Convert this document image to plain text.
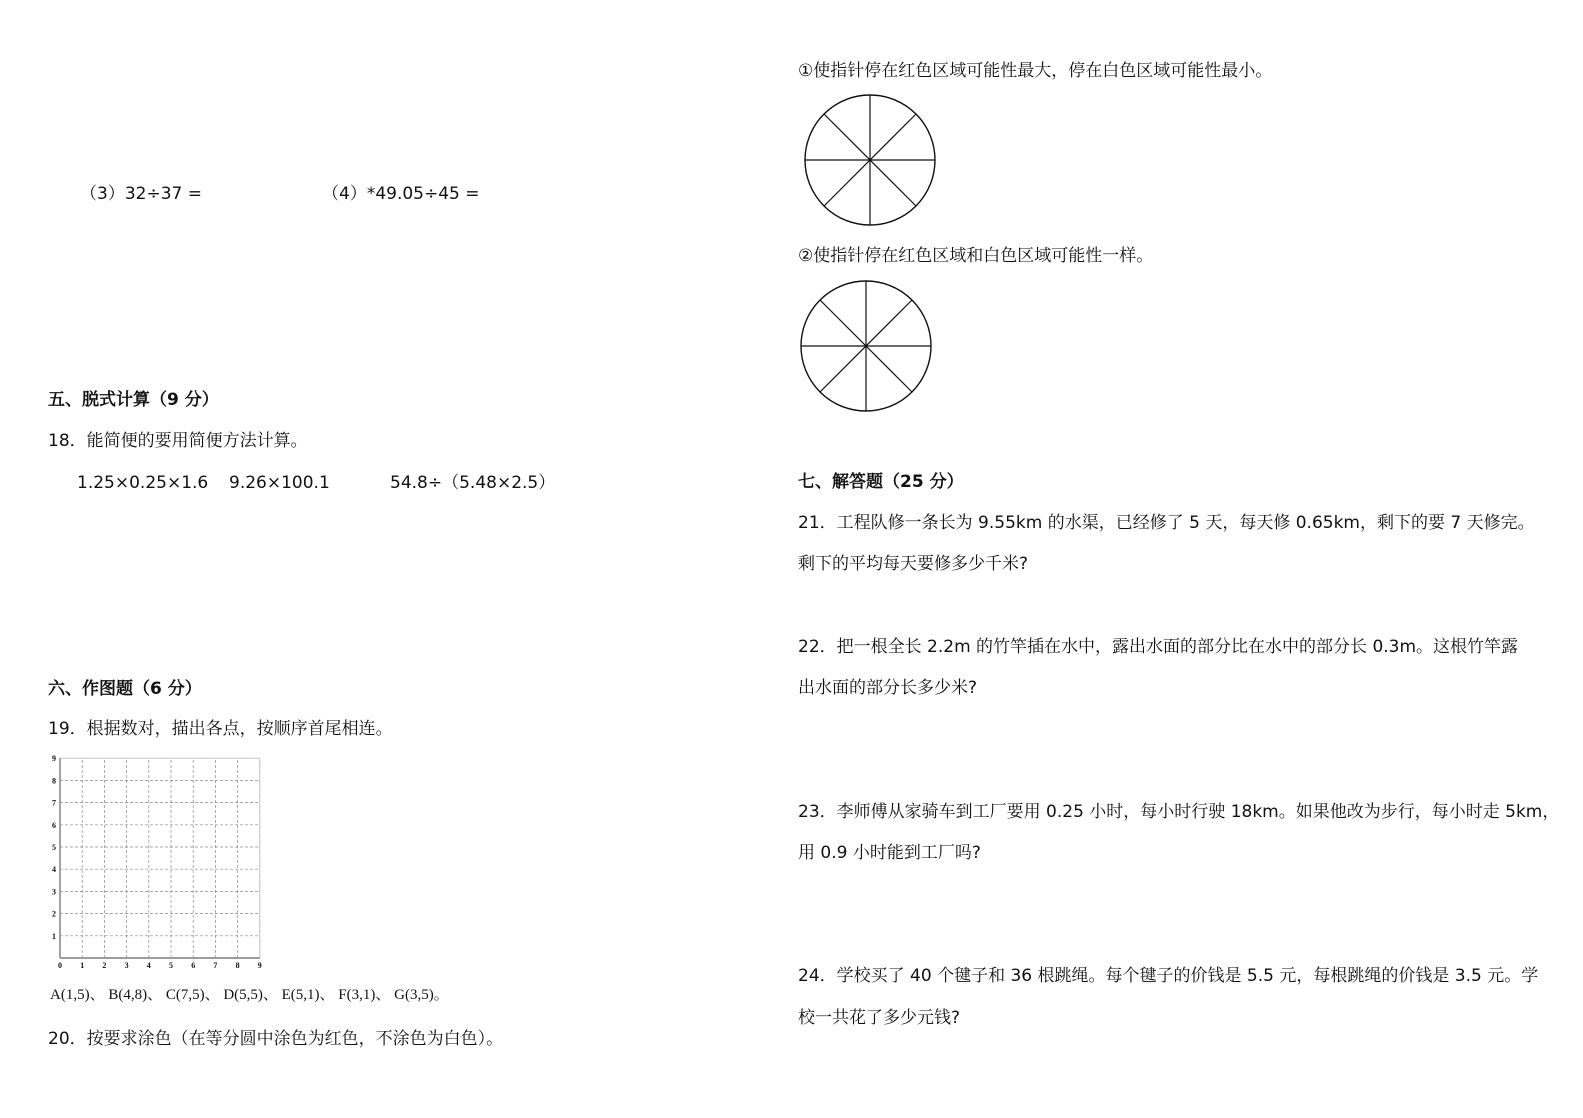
（3）32÷37 =	（4）*49.05÷45 =
五、脱式计算（9 分）
18．能简便的要用简便方法计算。
1.25×0.25×1.6 9.26×100.1	54.8÷（5.48×2.5）
六、作图题（6 分）
19．根据数对，描出各点，按顺序首尾相连。
0 1 2 3 4 5 6 7 8 9
1
2
3
4
5
6
7
8
9
A(1,5)、 B(4,8)、 C(7,5)、 D(5,5)、 E(5,1)、 F(3,1)、 G(3,5)。
20．按要求涂色（在等分圆中涂色为红色，不涂色为白色）。
①使指针停在红色区域可能性最大，停在白色区域可能性最小。
②使指针停在红色区域和白色区域可能性一样。
七、解答题（25 分）
21．工程队修一条长为 9.55km 的水渠，已经修了 5 天，每天修 0.65km，剩下的要 7 天修完。
剩下的平均每天要修多少千米?
22．把一根全长 2.2m 的竹竿插在水中，露出水面的部分比在水中的部分长 0.3m。这根竹竿露
出水面的部分长多少米?
23．李师傅从家骑车到工厂要用 0.25 小时，每小时行驶 18km。如果他改为步行，每小时走 5km，
用 0.9 小时能到工厂吗?
24．学校买了 40 个毽子和 36 根跳绳。每个毽子的价钱是 5.5 元，每根跳绳的价钱是 3.5 元。学
校一共花了多少元钱?
